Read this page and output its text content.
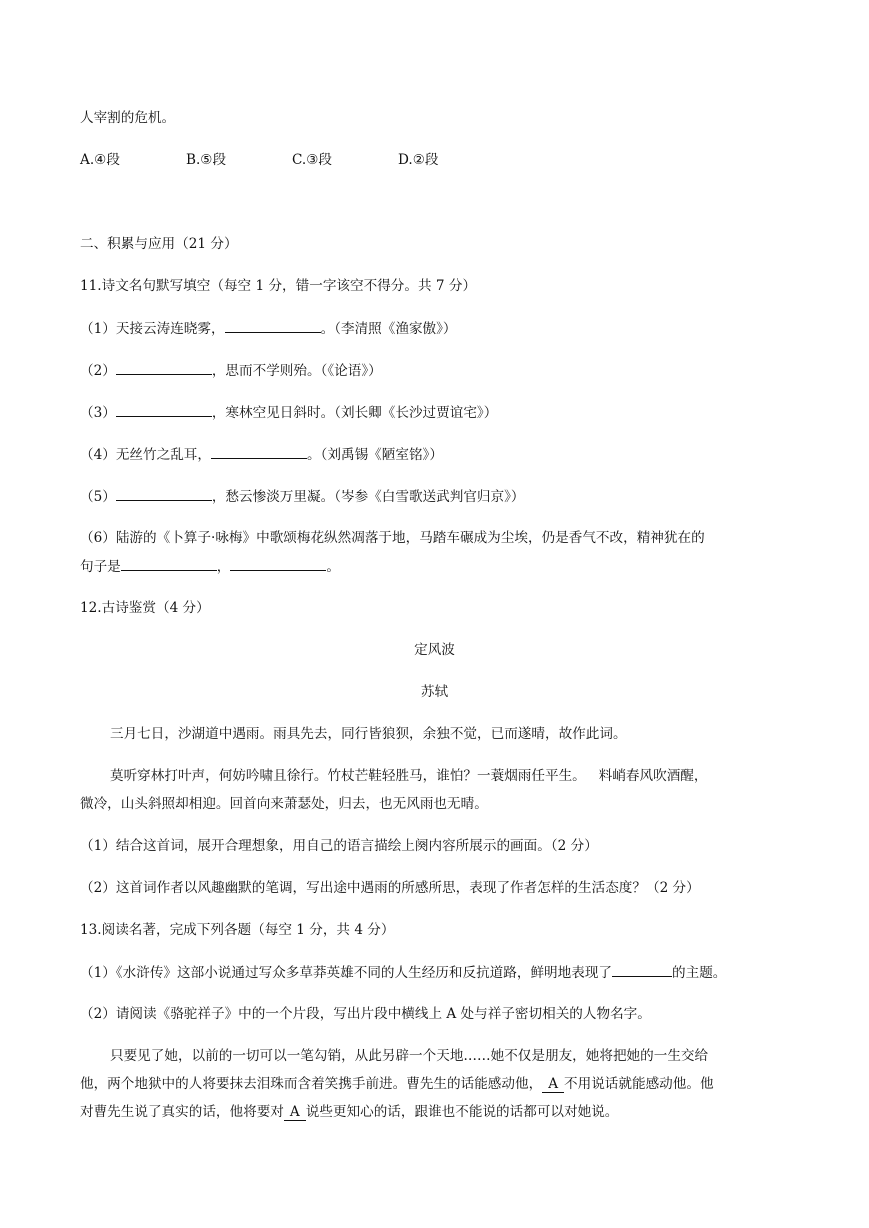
人宰割的危机。
A.④段	B.⑤段	C.③段	D.②段
二、积累与应用（21 分）
11.诗文名句默写填空（每空 1 分，错一字该空不得分。共 7 分）
（1）天接云涛连晓雾，	。（李清照《渔家傲》）
（2）	，思而不学则殆。（《论语》）
（3）	，寒林空见日斜时。（刘长卿《长沙过贾谊宅》）
（4）无丝竹之乱耳，	。（刘禹锡《陋室铭》）
（5）	，愁云惨淡万里凝。（岑参《白雪歌送武判官归京》）
（6）陆游的《卜算子·咏梅》中歌颂梅花纵然凋落于地，马踏车碾成为尘埃，仍是香气不改，精神犹在的
句子是	，	。
12.古诗鉴赏（4 分）
定风波
苏轼
三月七日，沙湖道中遇雨。雨具先去，同行皆狼狈，余独不觉，已而遂晴，故作此词。
莫听穿林打叶声，何妨吟啸且徐行。竹杖芒鞋轻胜马，谁怕？一蓑烟雨任平生。   料峭春风吹酒醒，
微冷，山头斜照却相迎。回首向来萧瑟处，归去，也无风雨也无晴。
（1）结合这首词，展开合理想象，用自己的语言描绘上阕内容所展示的画面。（2 分）
（2）这首词作者以风趣幽默的笔调，写出途中遇雨的所感所思，表现了作者怎样的生活态度？（2 分）
13.阅读名著，完成下列各题（每空 1 分，共 4 分）
（1）《水浒传》这部小说通过写众多草莽英雄不同的人生经历和反抗道路，鲜明地表现了	的主题。
（2）请阅读《骆驼祥子》中的一个片段，写出片段中横线上 A 处与祥子密切相关的人物名字。
只要见了她，以前的一切可以一笔勾销，从此另辟一个天地……她不仅是朋友，她将把她的一生交给
他，两个地狱中的人将要抹去泪珠而含着笑携手前进。曹先生的话能感动他， A 不用说话就能感动他。他
对曹先生说了真实的话，他将要对 A 说些更知心的话，跟谁也不能说的话都可以对她说。
